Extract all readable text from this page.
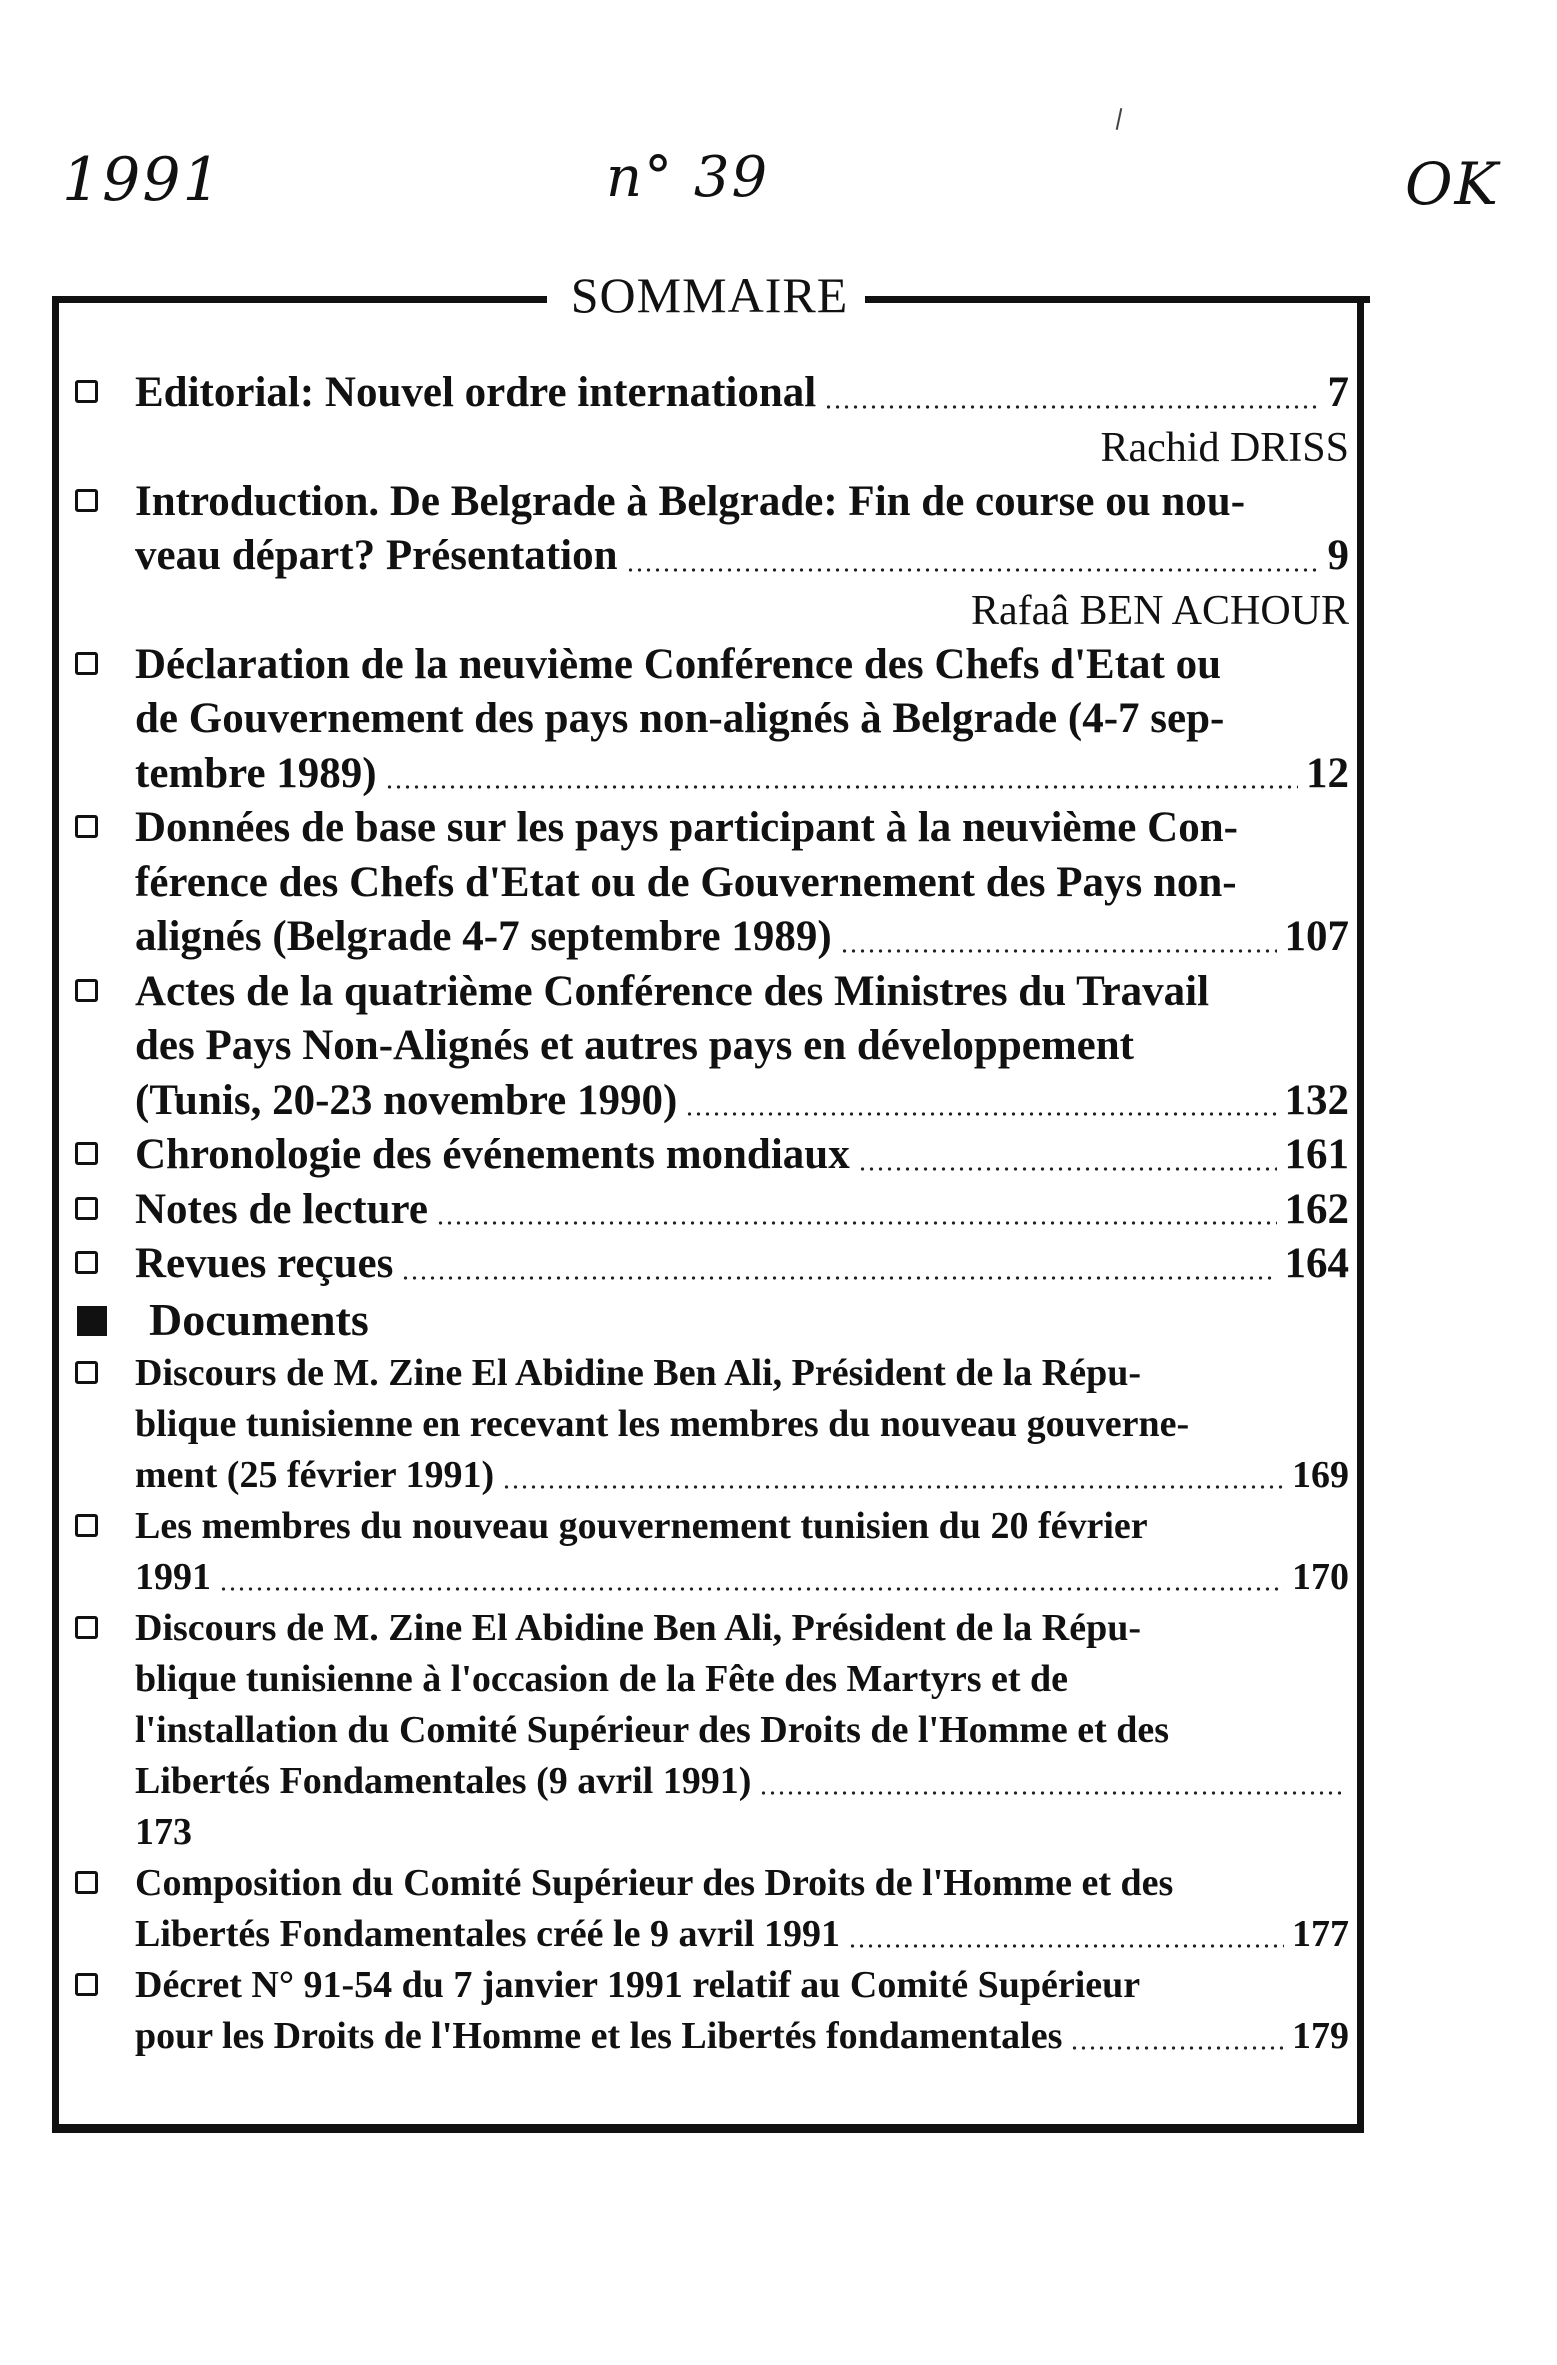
1991	n° 39	OK
SOMMAIRE
Editorial: Nouvel ordre international	7
Rachid DRISS
Introduction. De Belgrade à Belgrade: Fin de course ou nou-
veau départ? Présentation	9
Rafaâ BEN ACHOUR
Déclaration de la neuvième Conférence des Chefs d'Etat ou
de Gouvernement des pays non-alignés à Belgrade (4-7 sep-
tembre 1989)	12
Données de base sur les pays participant à la neuvième Con-
férence des Chefs d'Etat ou de Gouvernement des Pays non-
alignés (Belgrade 4-7 septembre 1989)	107
Actes de la quatrième Conférence des Ministres du Travail
des Pays Non-Alignés et autres pays en développement
(Tunis, 20-23 novembre 1990)	132
Chronologie des événements mondiaux	161
Notes de lecture	162
Revues reçues	164
Documents
Discours de M. Zine El Abidine Ben Ali, Président de la Répu-
blique tunisienne en recevant les membres du nouveau gouverne-
ment (25 février 1991)	169
Les membres du nouveau gouvernement tunisien du 20 février
1991	170
Discours de M. Zine El Abidine Ben Ali, Président de la Répu-
blique tunisienne à l'occasion de la Fête des Martyrs et de
l'installation du Comité Supérieur des Droits de l'Homme et des
Libertés Fondamentales (9 avril 1991)
173
Composition du Comité Supérieur des Droits de l'Homme et des
Libertés Fondamentales créé le 9 avril 1991	177
Décret N° 91-54 du 7 janvier 1991 relatif au Comité Supérieur
pour les Droits de l'Homme et les Libertés fondamentales	179
